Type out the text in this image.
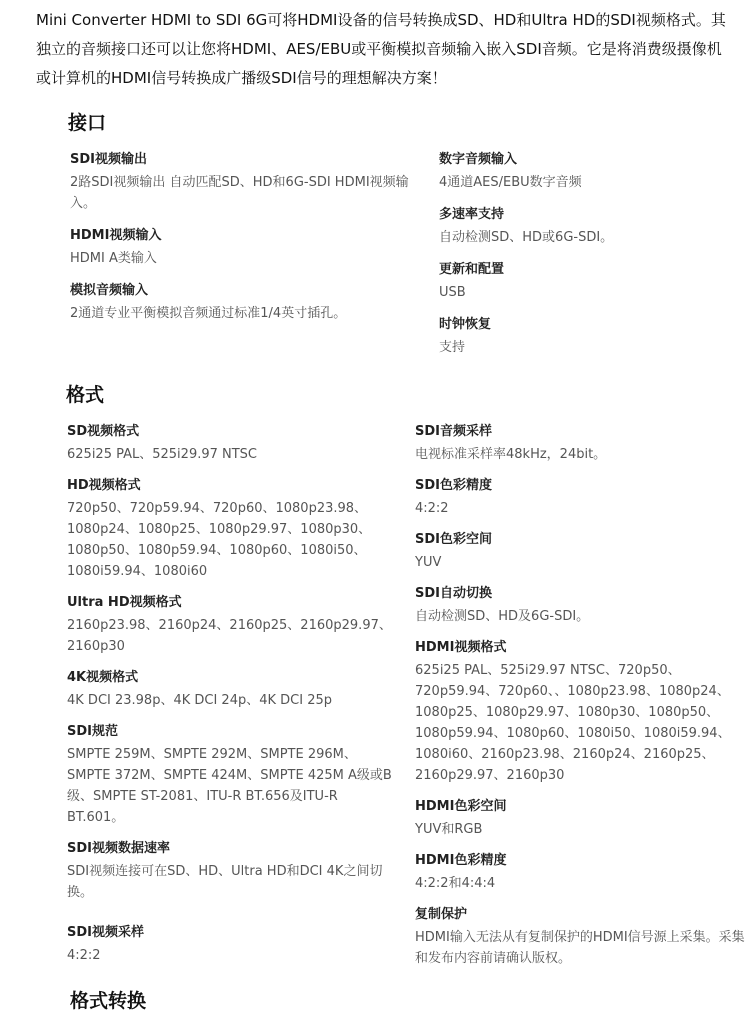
Mini Converter HDMI to SDI 6G可将HDMI设备的信号转换成SD、HD和Ultra HD的SDI视频格式。其独立的音频接口还可以让您将HDMI、AES/EBU或平衡模拟音频输入嵌入SDI音频。它是将消费级摄像机或计算机的HDMI信号转换成广播级SDI信号的理想解决方案！

接口

SDI视频输出

2路SDI视频输出 自动匹配SD、HD和6G-SDI HDMI视频输入。

HDMI视频输入

HDMI A类输入

模拟音频输入

2通道专业平衡模拟音频通过标准1/4英寸插孔。

数字音频输入

4通道AES/EBU数字音频

多速率支持

自动检测SD、HD或6G-SDI。

更新和配置

USB

时钟恢复

支持

格式

SD视频格式

625i25 PAL、525i29.97 NTSC

HD视频格式

720p50、720p59.94、720p60、1080p23.98、1080p24、1080p25、1080p29.97、1080p30、1080p50、1080p59.94、1080p60、1080i50、1080i59.94、1080i60

Ultra HD视频格式

2160p23.98、2160p24、2160p25、2160p29.97、2160p30

4K视频格式

4K DCI 23.98p、4K DCI 24p、4K DCI 25p

SDI规范

SMPTE 259M、SMPTE 292M、SMPTE 296M、SMPTE 372M、SMPTE 424M、SMPTE 425M A级或B级、SMPTE ST-2081、ITU-R BT.656及ITU-R BT.601。

SDI视频数据速率

SDI视频连接可在SD、HD、Ultra HD和DCI 4K之间切换。

SDI视频采样

4:2:2

SDI音频采样

电视标准采样率48kHz，24bit。

SDI色彩精度

4:2:2

SDI色彩空间

YUV

SDI自动切换

自动检测SD、HD及6G-SDI。

HDMI视频格式

625i25 PAL、525i29.97 NTSC、720p50、720p59.94、720p60、、1080p23.98、1080p24、1080p25、1080p29.97、1080p30、1080p50、1080p59.94、1080p60、1080i50、1080i59.94、1080i60、2160p23.98、2160p24、2160p25、2160p29.97、2160p30

HDMI色彩空间

YUV和RGB

HDMI色彩精度

4:2:2和4:4:4

复制保护

HDMI输入无法从有复制保护的HDMI信号源上采集。采集和发布内容前请确认版权。

格式转换
